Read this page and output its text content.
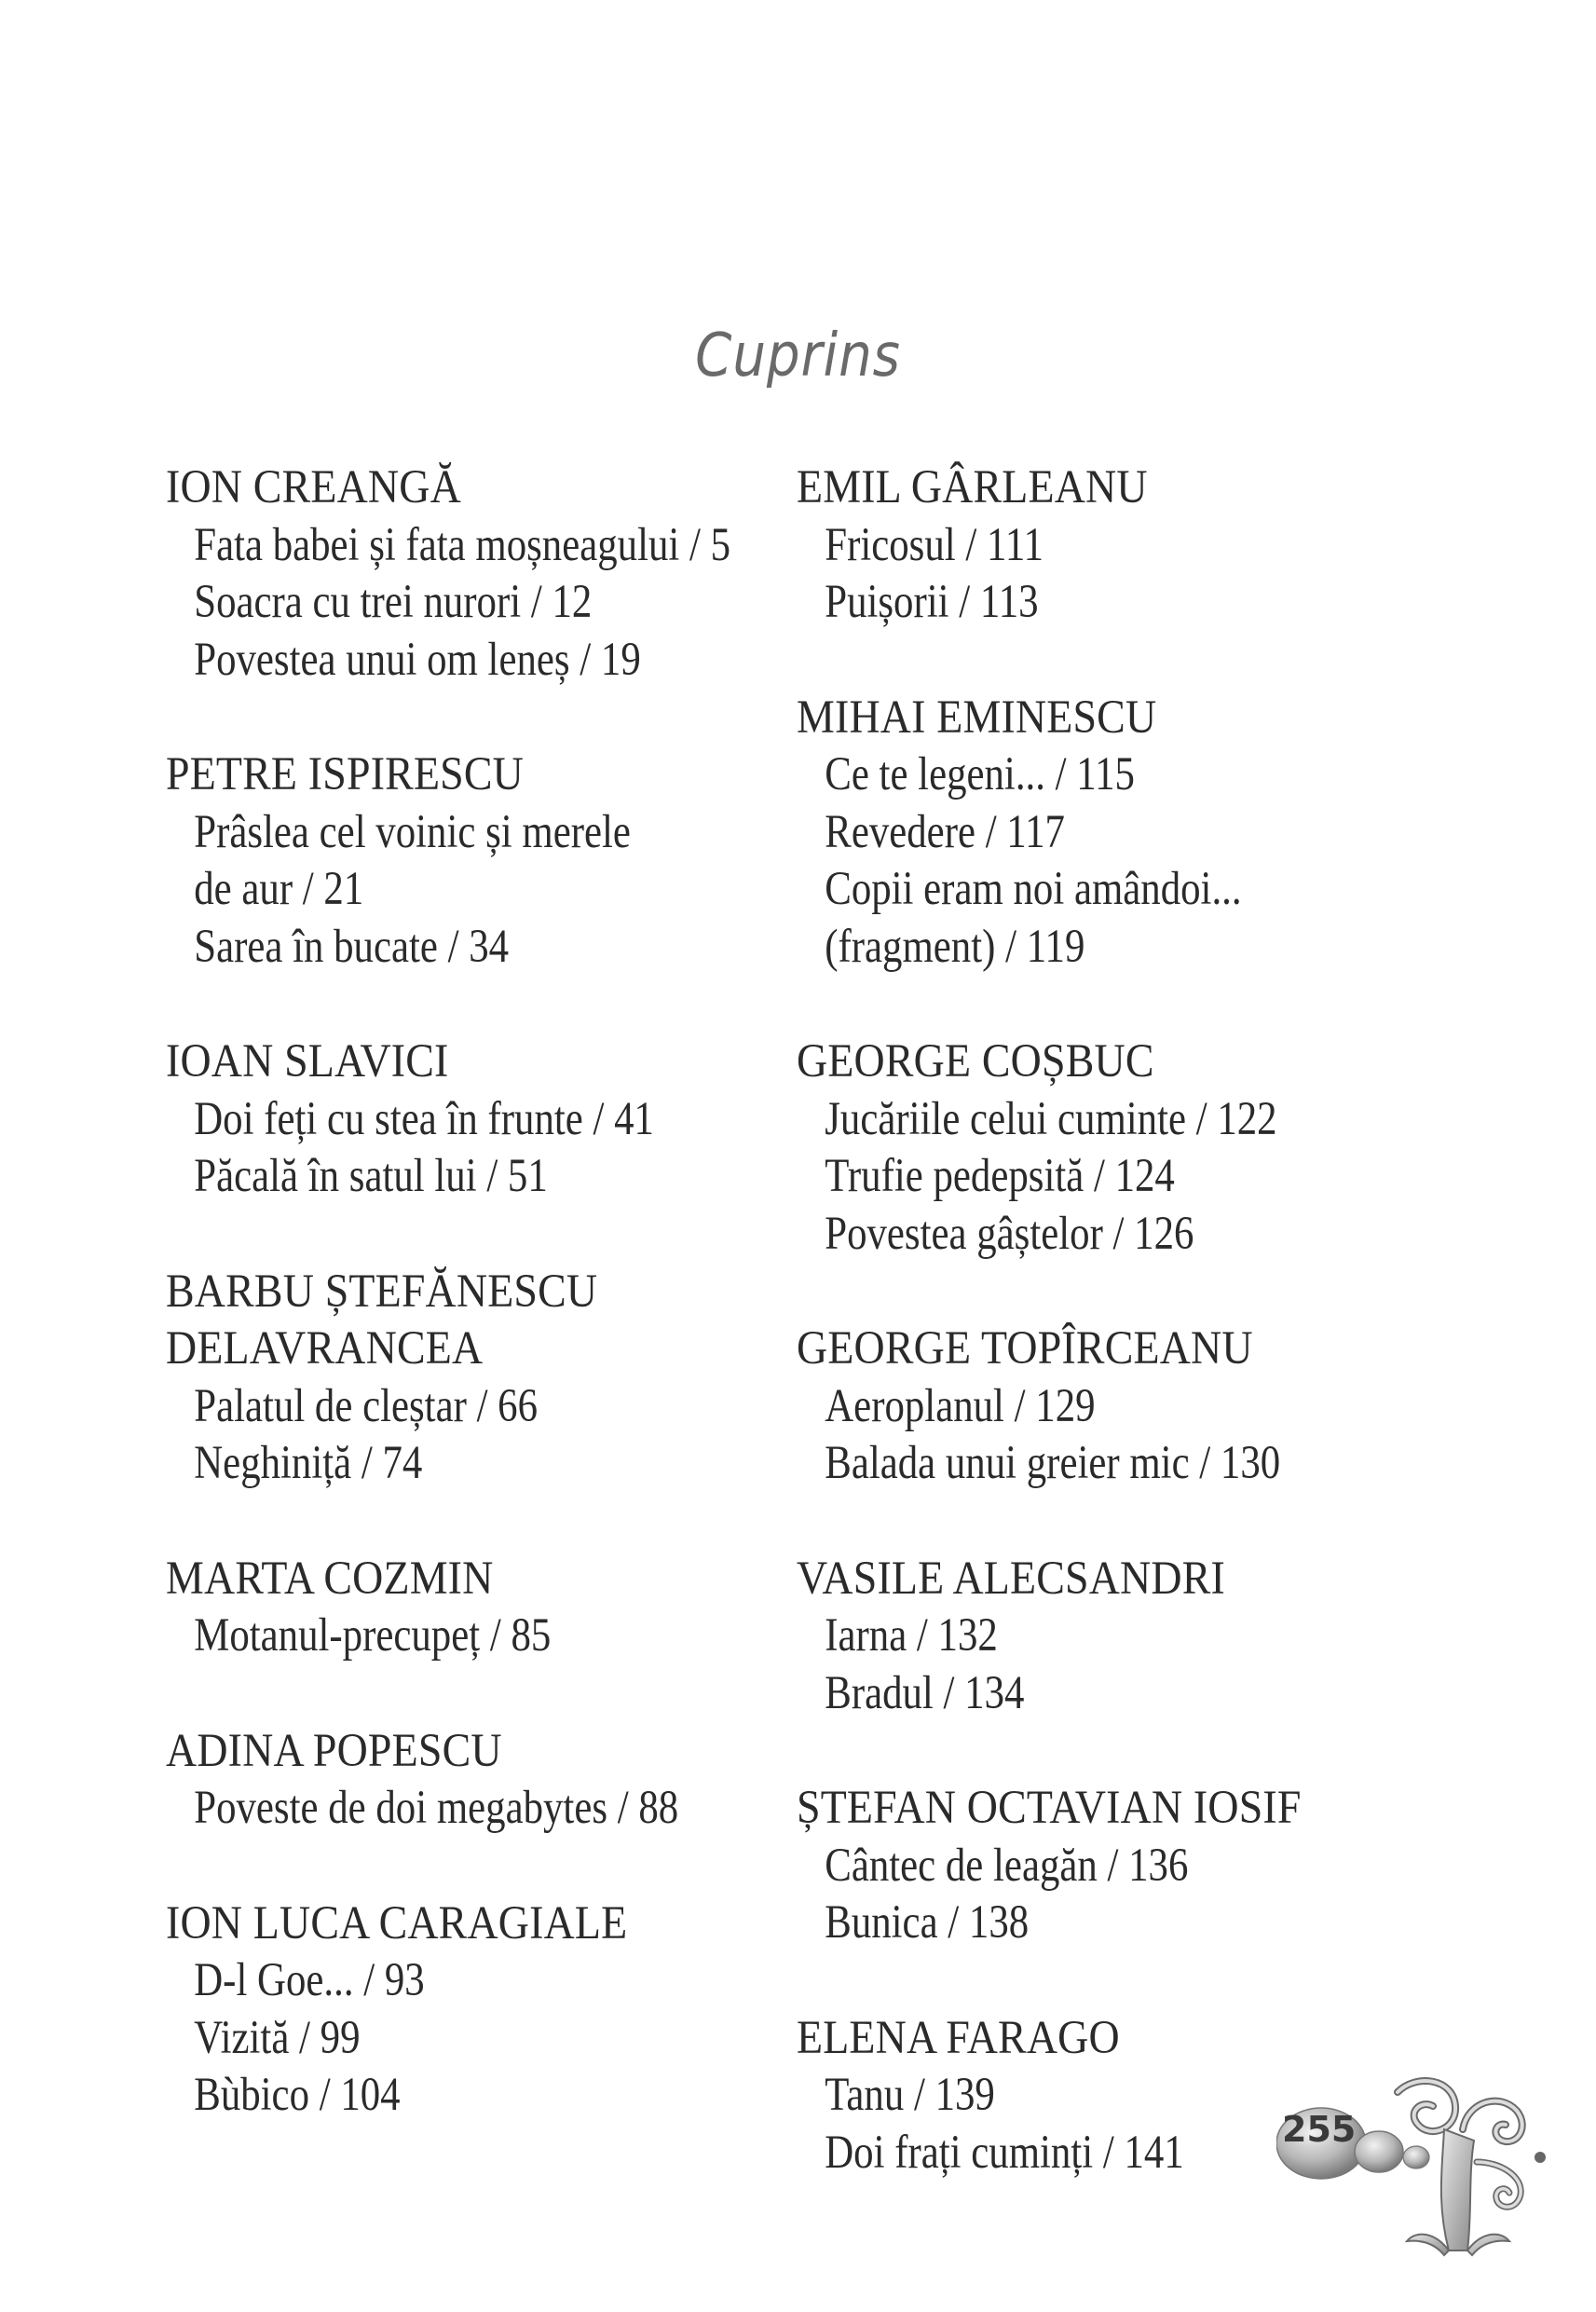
Cuprins
ION CREANGĂ
Fata babei și fata moșneagului / 5
Soacra cu trei nurori / 12
Povestea unui om leneș / 19
PETRE ISPIRESCU
Prâslea cel voinic și merele
de aur / 21
Sarea în bucate / 34
IOAN SLAVICI
Doi feți cu stea în frunte / 41
Păcală în satul lui / 51
BARBU ȘTEFĂNESCU
DELAVRANCEA
Palatul de cleștar / 66
Neghiniță / 74
MARTA COZMIN
Motanul-precupeț / 85
ADINA POPESCU
Poveste de doi megabytes / 88
ION LUCA CARAGIALE
D-l Goe... / 93
Vizită / 99
Bùbico / 104
EMIL GÂRLEANU
Fricosul / 111
Puișorii / 113
MIHAI EMINESCU
Ce te legeni... / 115
Revedere / 117
Copii eram noi amândoi...
(fragment) / 119
GEORGE COȘBUC
Jucăriile celui cuminte / 122
Trufie pedepsită / 124
Povestea gâștelor / 126
GEORGE TOPÎRCEANU
Aeroplanul / 129
Balada unui greier mic / 130
VASILE ALECSANDRI
Iarna / 132
Bradul / 134
ȘTEFAN OCTAVIAN IOSIF
Cântec de leagăn / 136
Bunica / 138
ELENA FARAGO
Tanu / 139
Doi frați cuminți / 141	255
